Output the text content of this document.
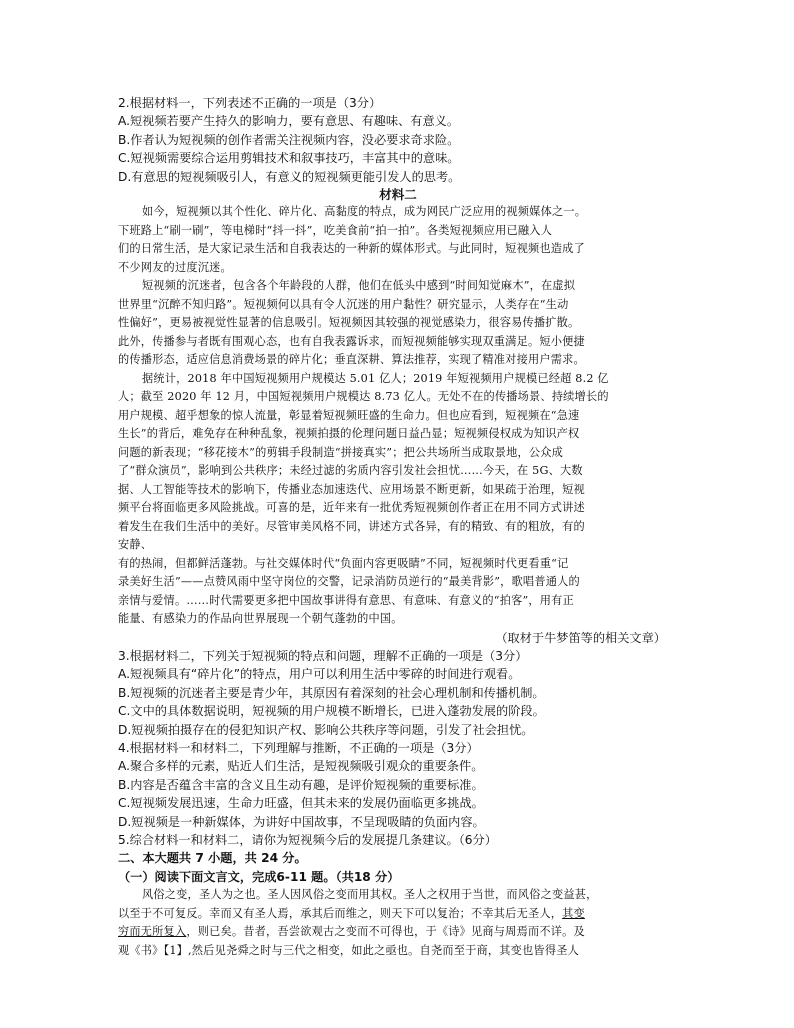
2.根据材料一，下列表述不正确的一项是（3分）
A.短视频若要产生持久的影响力，要有意思、有趣味、有意义。
B.作者认为短视频的创作者需关注视频内容，没必要求奇求险。
C.短视频需要综合运用剪辑技术和叙事技巧，丰富其中的意味。
D.有意思的短视频吸引人，有意义的短视频更能引发人的思考。
材料二
如今，短视频以其个性化、碎片化、高黏度的特点，成为网民广泛应用的视频媒体之一。
下班路上“刷一刷”，等电梯时“抖一抖”，吃美食前“拍一拍”。各类短视频应用已融入人
们的日常生活，是大家记录生活和自我表达的一种新的媒体形式。与此同时，短视频也造成了
不少网友的过度沉迷。
短视频的沉迷者，包含各个年龄段的人群，他们在低头中感到“时间知觉麻木”，在虚拟
世界里“沉醉不知归路”。短视频何以具有令人沉迷的用户黏性？研究显示，人类存在“生动
性偏好”，更易被视觉性显著的信息吸引。短视频因其较强的视觉感染力，很容易传播扩散。
此外，传播参与者既有围观心态，也有自我表露诉求，而短视频能够实现双重满足。短小便捷
的传播形态，适应信息消费场景的碎片化；垂直深耕、算法推荐，实现了精准对接用户需求。
据统计，2018 年中国短视频用户规模达 5.01 亿人；2019 年短视频用户规模已经超 8.2 亿
人；截至 2020 年 12 月，中国短视频用户规模达 8.73 亿人。无处不在的传播场景、持续增长的
用户规模、超乎想象的惊人流量，彰显着短视频旺盛的生命力。但也应看到，短视频在“急速
生长”的背后，难免存在种种乱象，视频拍摄的伦理问题日益凸显；短视频侵权成为知识产权
问题的新表现；“移花接木”的剪辑手段制造“拼接真实”；把公共场所当成取景地，公众成
了“群众演员”，影响到公共秩序；未经过滤的劣质内容引发社会担忧……今天，在 5G、大数
据、人工智能等技术的影响下，传播业态加速迭代、应用场景不断更新，如果疏于治理，短视
频平台将面临更多风险挑战。可喜的是，近年来有一批优秀短视频创作者正在用不同方式讲述
着发生在我们生活中的美好。尽管审美风格不同，讲述方式各异，有的精致、有的粗放，有的
安静、
有的热闹，但都鲜活蓬勃。与社交媒体时代“负面内容更吸睛”不同，短视频时代更看重“记
录美好生活”——点赞风雨中坚守岗位的交警，记录消防员逆行的“最美背影”，歌唱普通人的
亲情与爱情。……时代需要更多把中国故事讲得有意思、有意味、有意义的“拍客”，用有正
能量、有感染力的作品向世界展现一个朝气蓬勃的中国。
（取材于牛梦笛等的相关文章）
3.根据材料二，下列关于短视频的特点和问题，理解不正确的一项是（3分）
A.短视频具有“碎片化”的特点，用户可以利用生活中零碎的时间进行观看。
B.短视频的沉迷者主要是青少年，其原因有着深刻的社会心理机制和传播机制。
C.文中的具体数据说明，短视频的用户规模不断增长，已进入蓬勃发展的阶段。
D.短视频拍摄存在的侵犯知识产权、影响公共秩序等问题，引发了社会担忧。
4.根据材料一和材料二，下列理解与推断，不正确的一项是（3分）
A.聚合多样的元素，贴近人们生活，是短视频吸引观众的重要条件。
B.内容是否蕴含丰富的含义且生动有趣，是评价短视频的重要标准。
C.短视频发展迅速，生命力旺盛，但其未来的发展仍面临更多挑战。
D.短视频是一种新媒体，为讲好中国故事，不呈现吸睛的负面内容。
5.综合材料一和材料二，请你为短视频今后的发展提几条建议。（6分）
二、本大题共 7 小题，共 24 分。
（一）阅读下面文言文，完成6-11 题。（共18 分）
风俗之变，圣人为之也。圣人因风俗之变而用其权。圣人之权用于当世，而风俗之变益甚，
以至于不可复反。幸而又有圣人焉，承其后而维之，则天下可以复治；不幸其后无圣人，其变
穷而无所复入，则已矣。昔者，吾尝欲观古之变而不可得也，于《诗》见商与周焉而不详。及
观《书》【1】,然后见尧舜之时与三代之相变，如此之亟也。自尧而至于商，其变也皆得圣人
